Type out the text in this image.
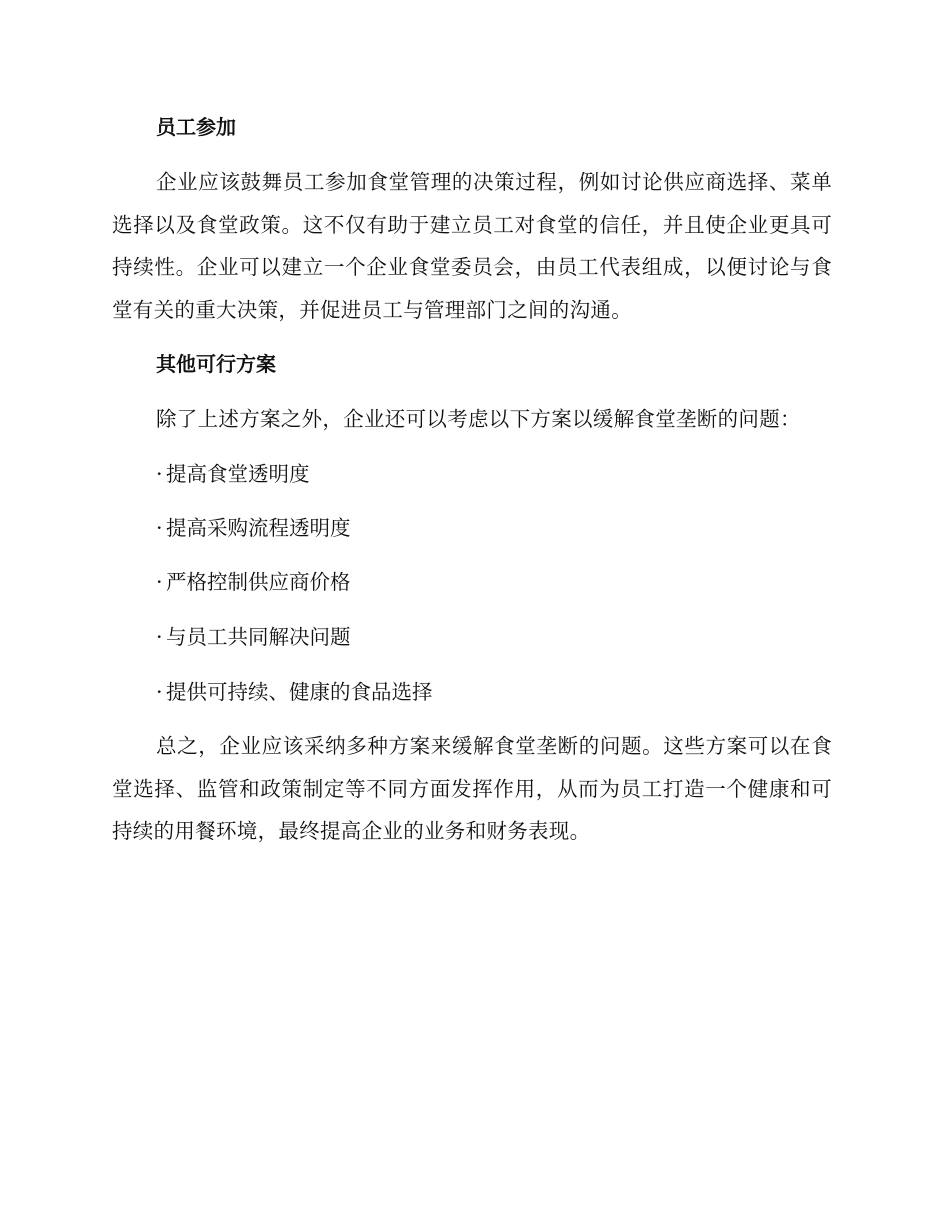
员工参加

企业应该鼓舞员工参加食堂管理的决策过程，例如讨论供应商选择、菜单选择以及食堂政策。这不仅有助于建立员工对食堂的信任，并且使企业更具可持续性。企业可以建立一个企业食堂委员会，由员工代表组成，以便讨论与食堂有关的重大决策，并促进员工与管理部门之间的沟通。

其他可行方案

除了上述方案之外，企业还可以考虑以下方案以缓解食堂垄断的问题：

· 提高食堂透明度
· 提高采购流程透明度
· 严格控制供应商价格
· 与员工共同解决问题
· 提供可持续、健康的食品选择

总之，企业应该采纳多种方案来缓解食堂垄断的问题。这些方案可以在食堂选择、监管和政策制定等不同方面发挥作用，从而为员工打造一个健康和可持续的用餐环境，最终提高企业的业务和财务表现。
